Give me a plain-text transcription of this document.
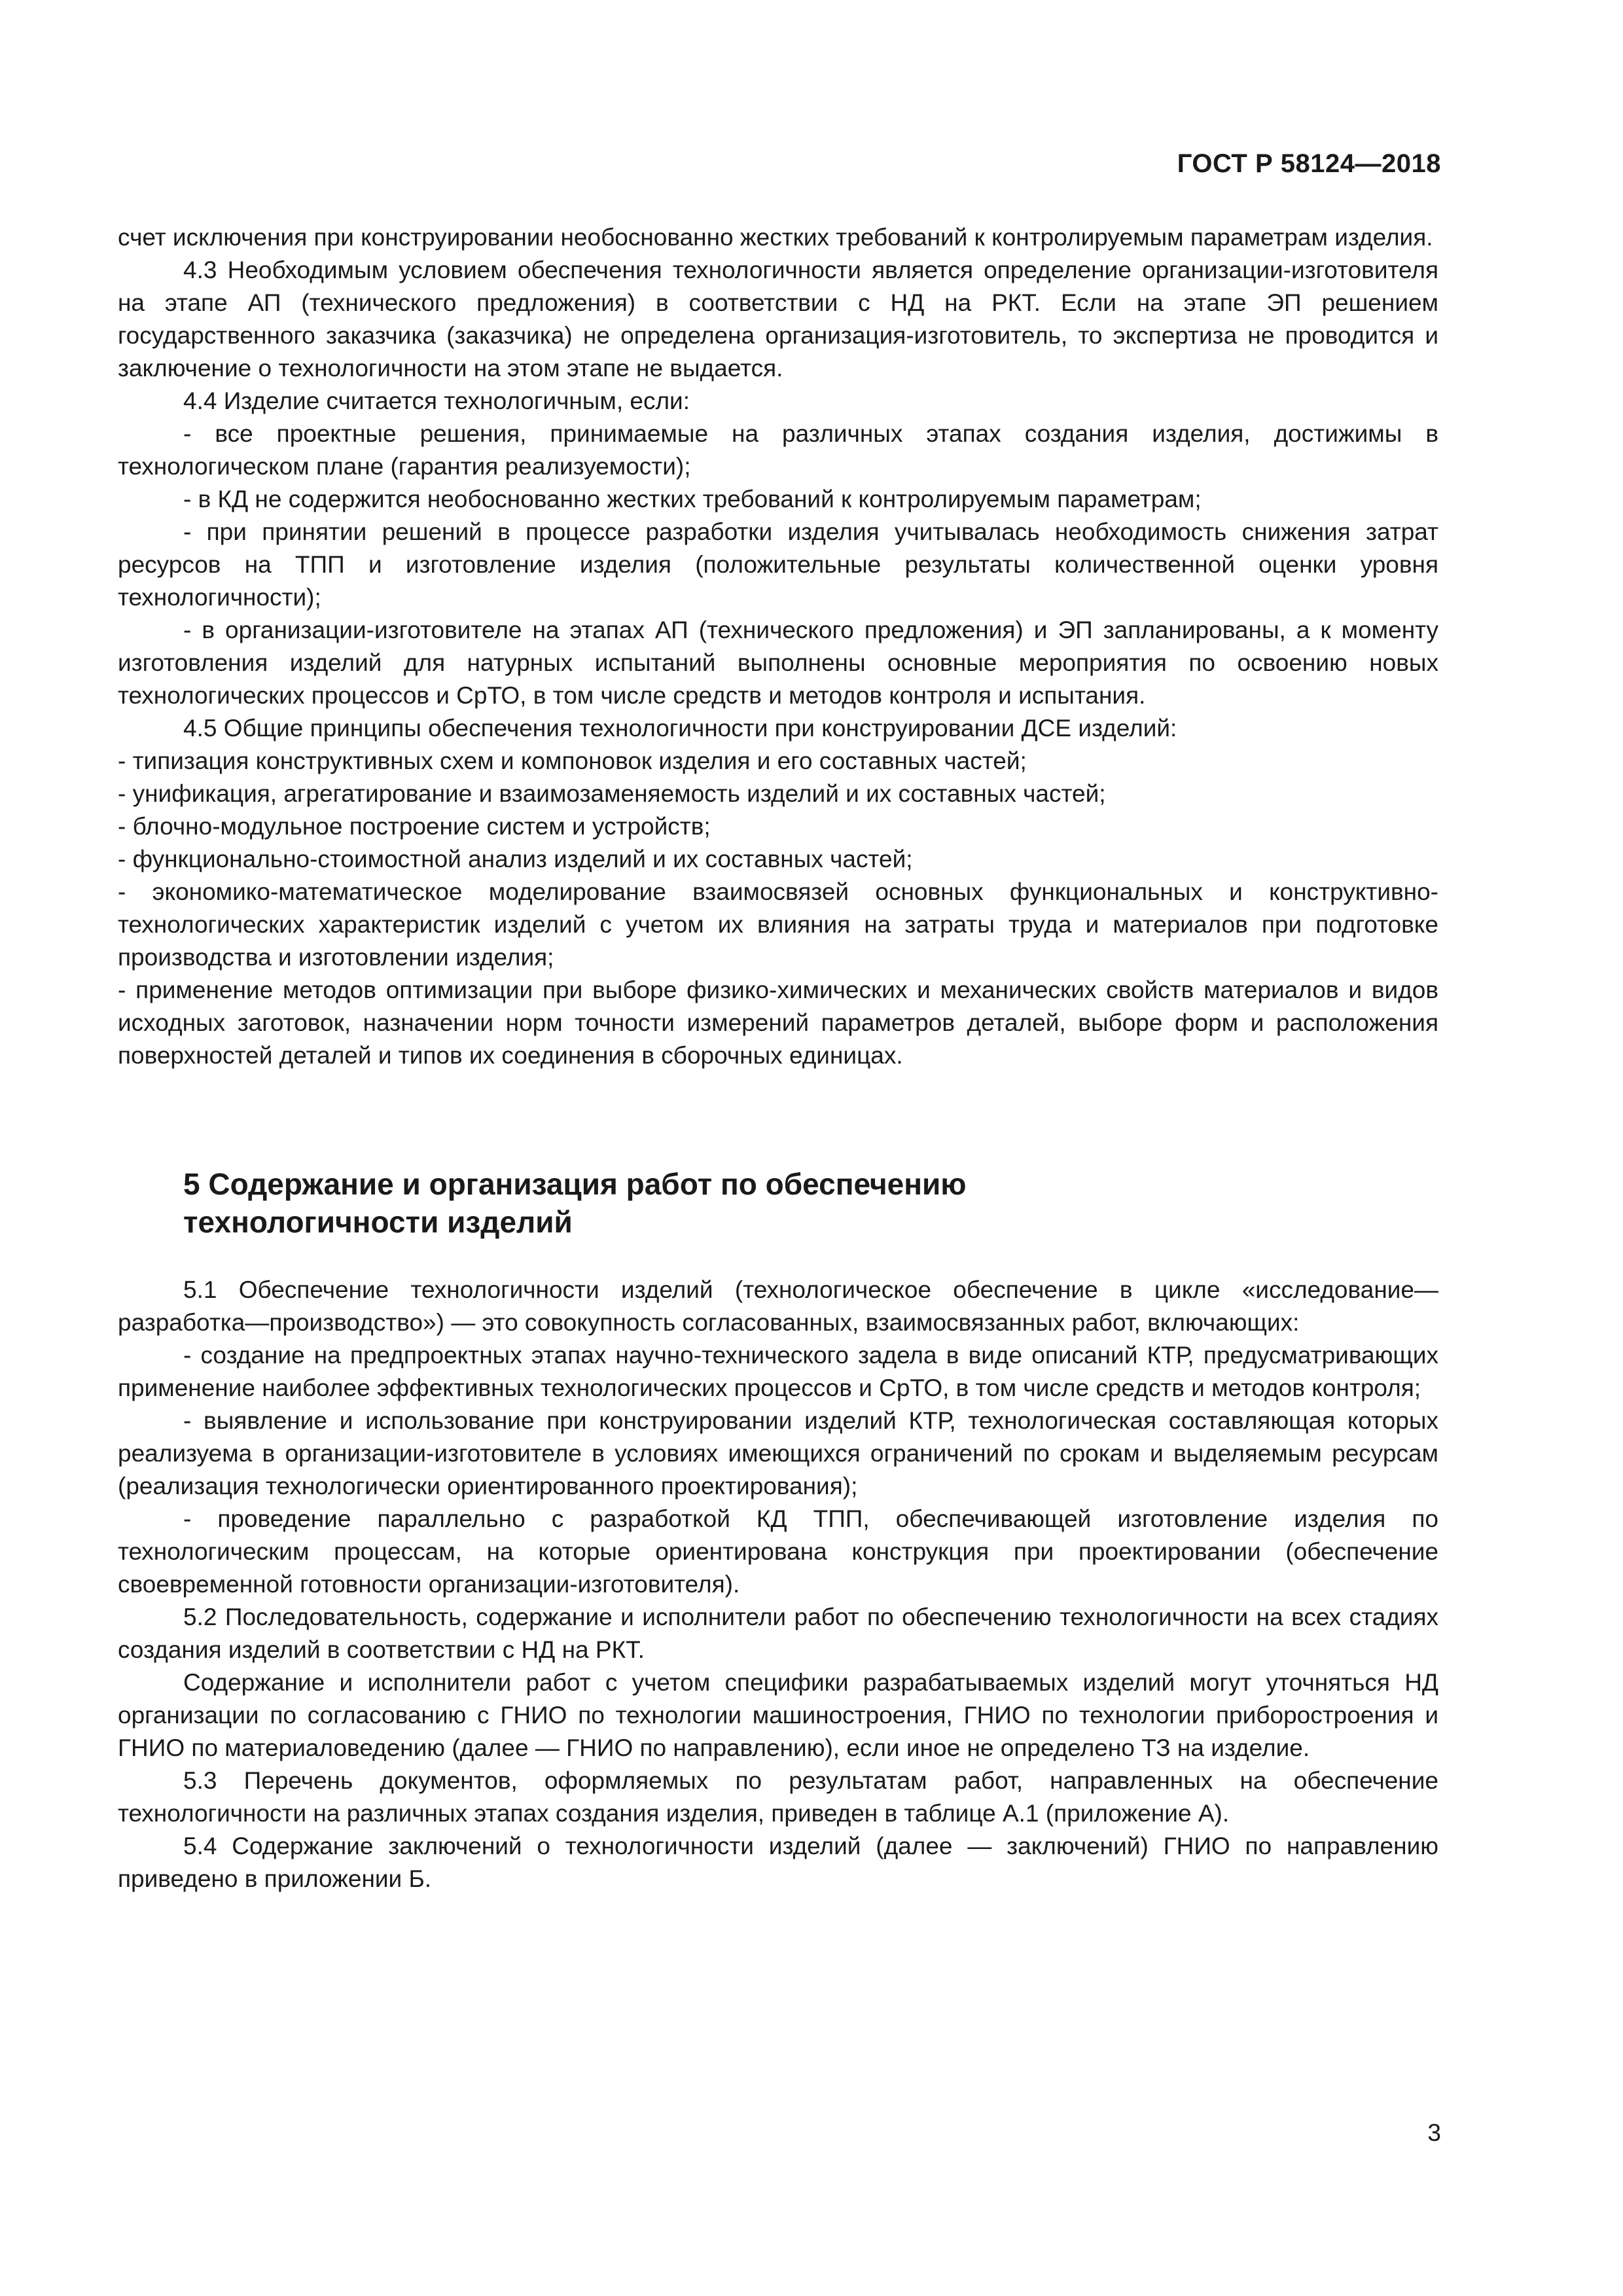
ГОСТ Р 58124—2018

счет исключения при конструировании необоснованно жестких требований к контролируемым параметрам изделия.

4.3 Необходимым условием обеспечения технологичности является определение организации-изготовителя на этапе АП (технического предложения) в соответствии с НД на РКТ. Если на этапе ЭП решением государственного заказчика (заказчика) не определена организация-изготовитель, то экспертиза не проводится и заключение о технологичности на этом этапе не выдается.

4.4 Изделие считается технологичным, если:

- все проектные решения, принимаемые на различных этапах создания изделия, достижимы в технологическом плане (гарантия реализуемости);

- в КД не содержится необоснованно жестких требований к контролируемым параметрам;

- при принятии решений в процессе разработки изделия учитывалась необходимость снижения затрат ресурсов на ТПП и изготовление изделия (положительные результаты количественной оценки уровня технологичности);

- в организации-изготовителе на этапах АП (технического предложения) и ЭП запланированы, а к моменту изготовления изделий для натурных испытаний выполнены основные мероприятия по освоению новых технологических процессов и СрТО, в том числе средств и методов контроля и испытания.

4.5 Общие принципы обеспечения технологичности при конструировании ДСЕ изделий:

- типизация конструктивных схем и компоновок изделия и его составных частей;

- унификация, агрегатирование и взаимозаменяемость изделий и их составных частей;

- блочно-модульное построение систем и устройств;

- функционально-стоимостной анализ изделий и их составных частей;

- экономико-математическое моделирование взаимосвязей основных функциональных и конструктивно-технологических характеристик изделий с учетом их влияния на затраты труда и материалов при подготовке производства и изготовлении изделия;

- применение методов оптимизации при выборе физико-химических и механических свойств материалов и видов исходных заготовок, назначении норм точности измерений параметров деталей, выборе форм и расположения поверхностей деталей и типов их соединения в сборочных единицах.

5 Содержание и организация работ по обеспечению
технологичности изделий

5.1 Обеспечение технологичности изделий (технологическое обеспечение в цикле «исследование—разработка—производство») — это совокупность согласованных, взаимосвязанных работ, включающих:

- создание на предпроектных этапах научно-технического задела в виде описаний КТР, предусматривающих применение наиболее эффективных технологических процессов и СрТО, в том числе средств и методов контроля;

- выявление и использование при конструировании изделий КТР, технологическая составляющая которых реализуема в организации-изготовителе в условиях имеющихся ограничений по срокам и выделяемым ресурсам (реализация технологически ориентированного проектирования);

- проведение параллельно с разработкой КД ТПП, обеспечивающей изготовление изделия по технологическим процессам, на которые ориентирована конструкция при проектировании (обеспечение своевременной готовности организации-изготовителя).

5.2 Последовательность, содержание и исполнители работ по обеспечению технологичности на всех стадиях создания изделий в соответствии с НД на РКТ.

Содержание и исполнители работ с учетом специфики разрабатываемых изделий могут уточняться НД организации по согласованию с ГНИО по технологии машиностроения, ГНИО по технологии приборостроения и ГНИО по материаловедению (далее — ГНИО по направлению), если иное не определено ТЗ на изделие.

5.3 Перечень документов, оформляемых по результатам работ, направленных на обеспечение технологичности на различных этапах создания изделия, приведен в таблице А.1 (приложение А).

5.4 Содержание заключений о технологичности изделий (далее — заключений) ГНИО по направлению приведено в приложении Б.

3
